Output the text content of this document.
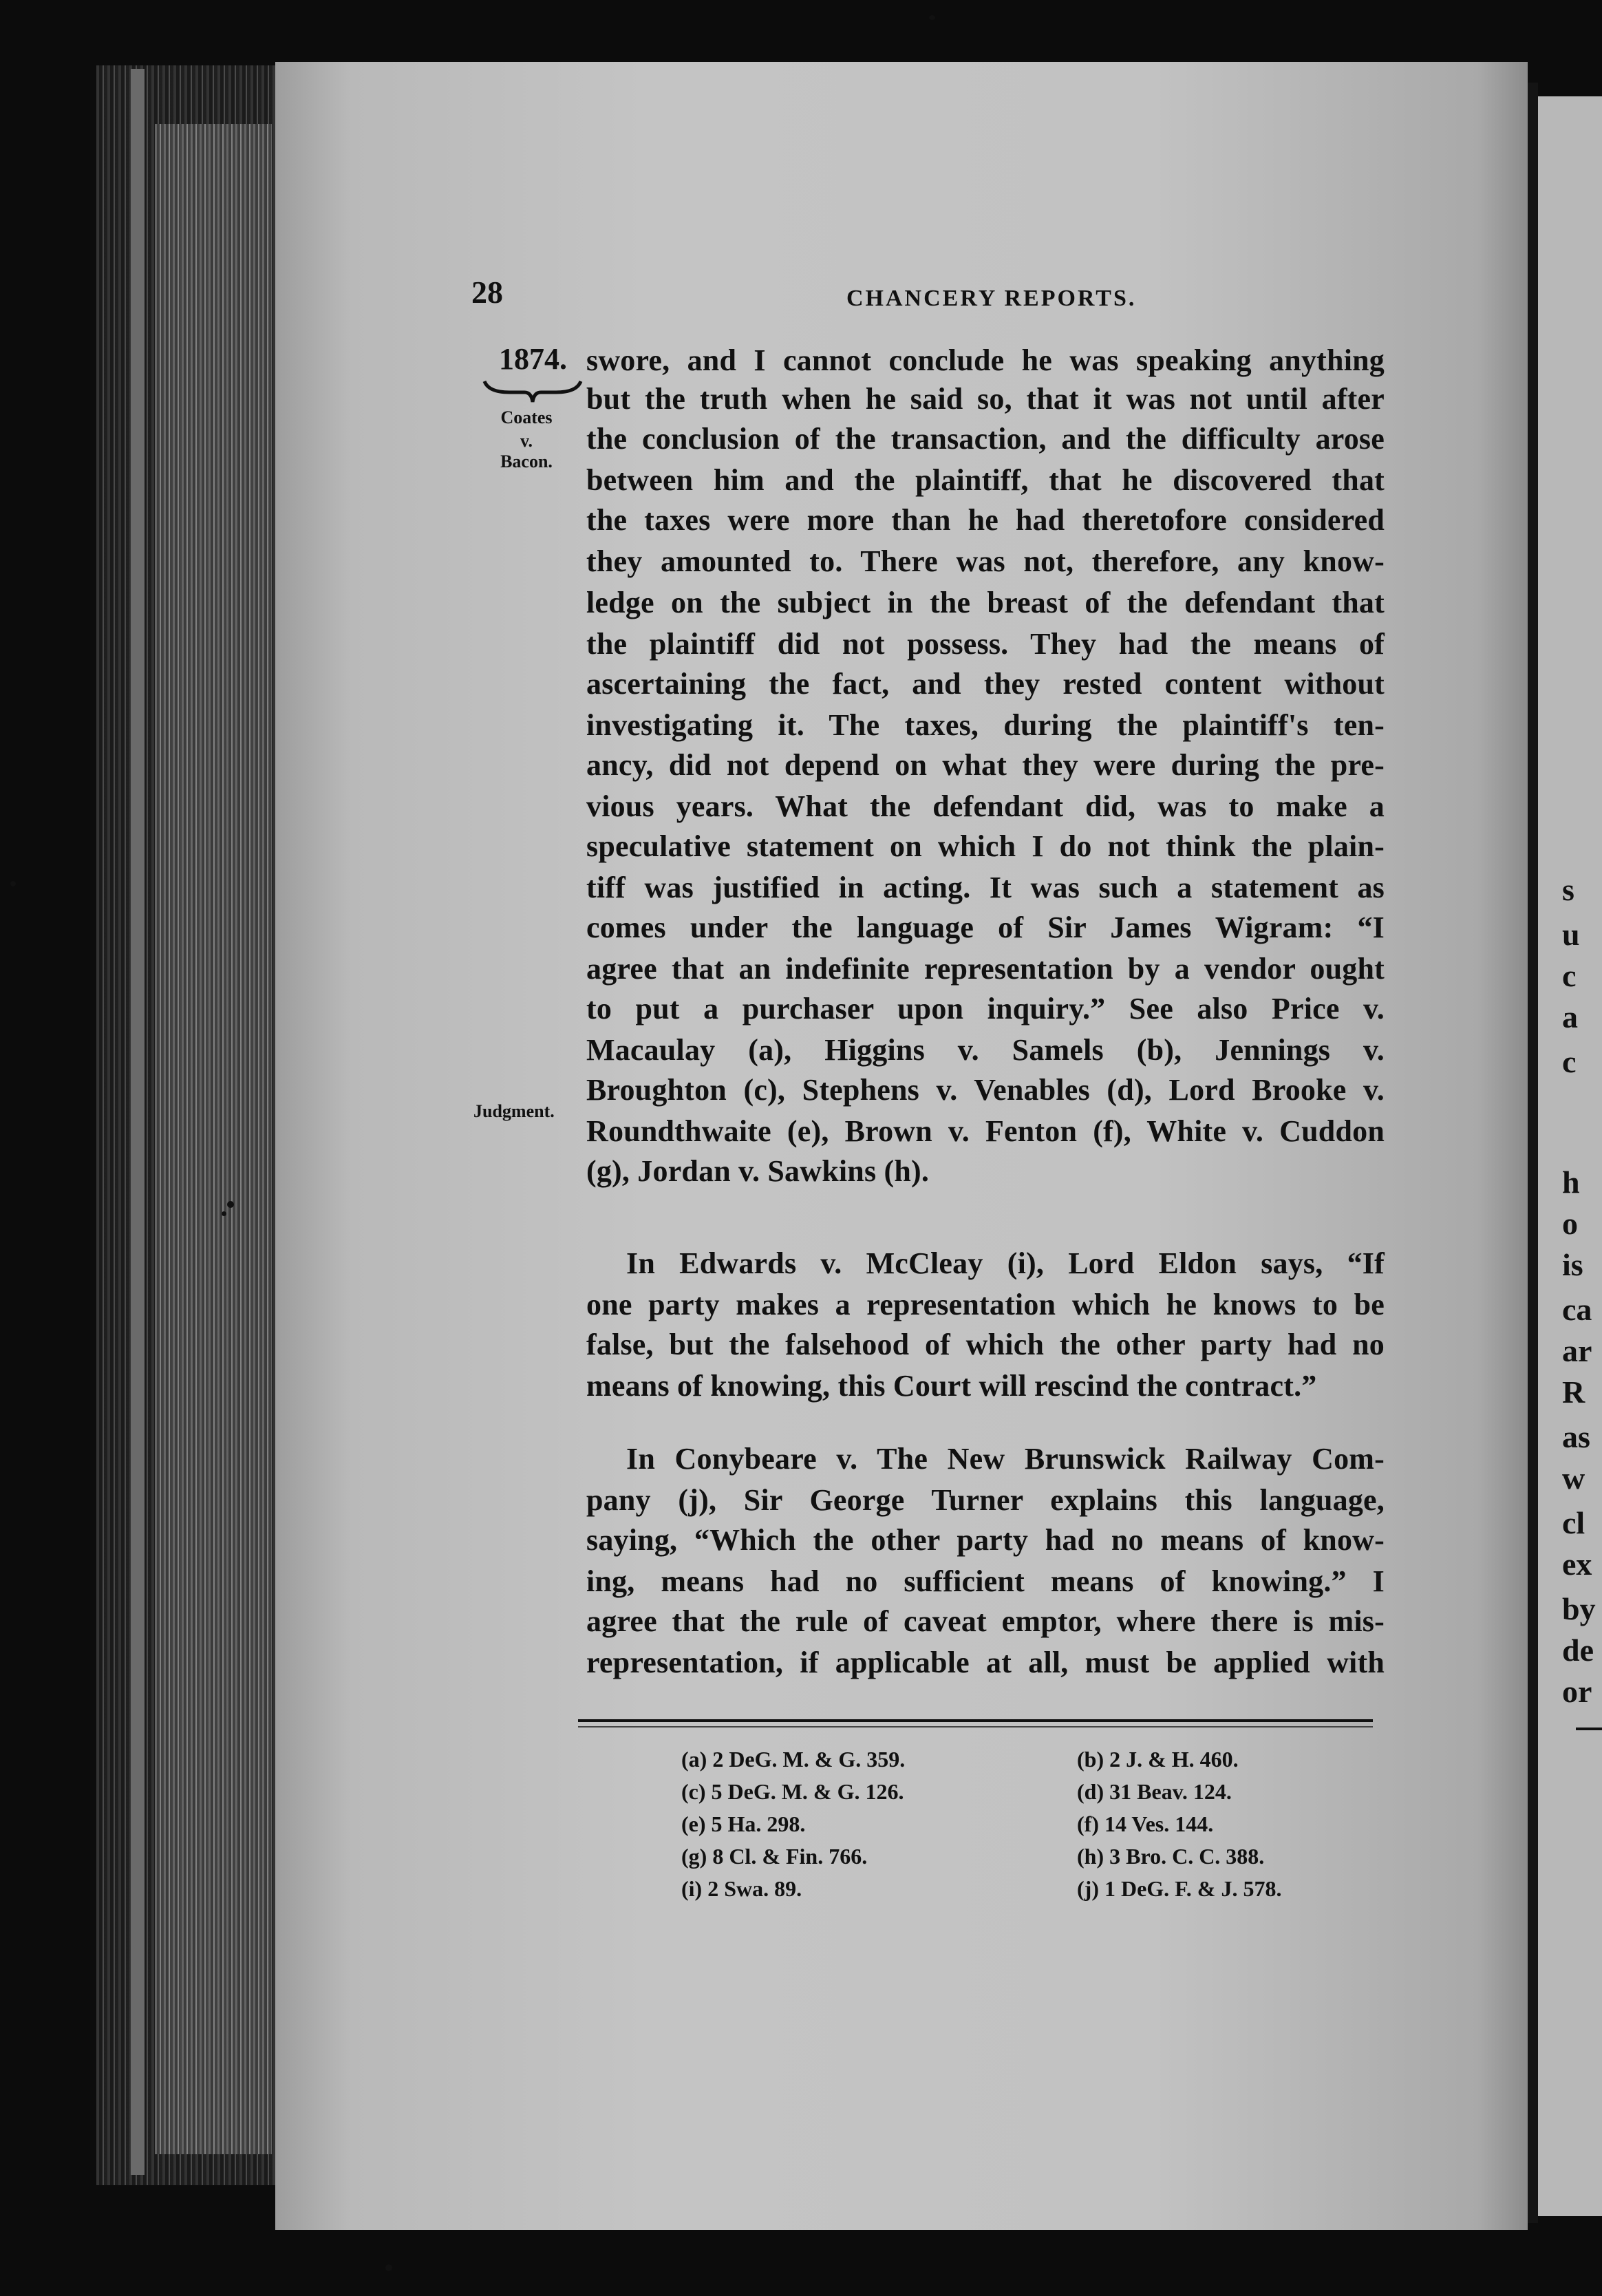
s
u
c
a
c
h
o
is
ca
ar
R
as
w
cl
ex
by
de
or
28	CHANCERY REPORTS.
1874.
Coates
v.
Bacon.
Judgment.
swore, and I cannot conclude he was speaking anything
but the truth when he said so, that it was not until after
the conclusion of the transaction, and the difficulty arose
between him and the plaintiff, that he discovered that
the taxes were more than he had theretofore considered
they amounted to. There was not, therefore, any know-
ledge on the subject in the breast of the defendant that
the plaintiff did not possess. They had the means of
ascertaining the fact, and they rested content without
investigating it. The taxes, during the plaintiff's ten-
ancy, did not depend on what they were during the pre-
vious years. What the defendant did, was to make a
speculative statement on which I do not think the plain-
tiff was justified in acting. It was such a statement as
comes under the language of Sir James Wigram: “I
agree that an indefinite representation by a vendor ought
to put a purchaser upon inquiry.” See also Price v.
Macaulay (a), Higgins v. Samels (b), Jennings v.
Broughton (c), Stephens v. Venables (d), Lord Brooke v.
Roundthwaite (e), Brown v. Fenton (f), White v. Cuddon
(g), Jordan v. Sawkins (h).
In Edwards v. McCleay (i), Lord Eldon says, “If
one party makes a representation which he knows to be
false, but the falsehood of which the other party had no
means of knowing, this Court will rescind the contract.”
In Conybeare v. The New Brunswick Railway Com-
pany (j), Sir George Turner explains this language,
saying, “Which the other party had no means of know-
ing, means had no sufficient means of knowing.” I
agree that the rule of caveat emptor, where there is mis-
representation, if applicable at all, must be applied with
(a) 2 DeG. M. & G. 359.	(b) 2 J. & H. 460.
(c) 5 DeG. M. & G. 126.	(d) 31 Beav. 124.
(e) 5 Ha. 298.	(f) 14 Ves. 144.
(g) 8 Cl. & Fin. 766.	(h) 3 Bro. C. C. 388.
(i) 2 Swa. 89.	(j) 1 DeG. F. & J. 578.
